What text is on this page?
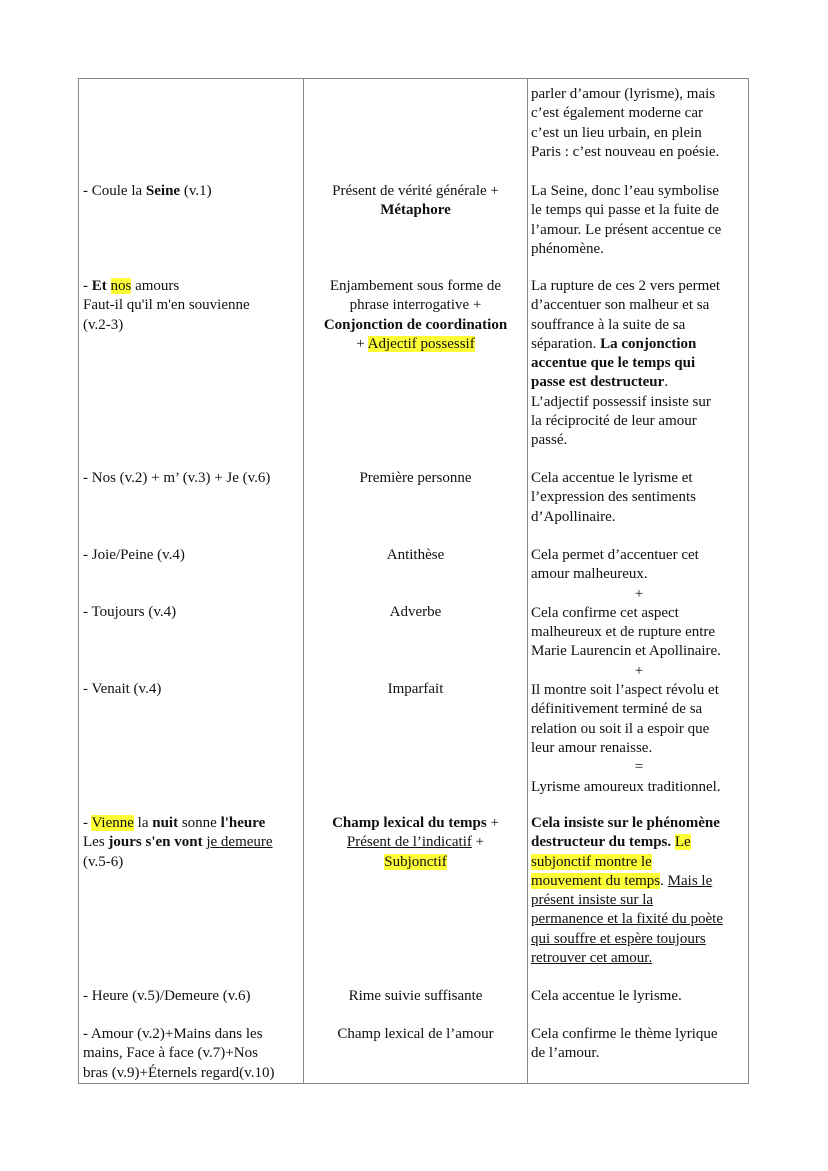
- Coule la Seine (v.1)
- Et nos amours
Faut-il qu'il m'en souvienne
(v.2-3)
- Nos (v.2) + m’ (v.3) + Je (v.6)
- Joie/Peine (v.4)
- Toujours (v.4)
- Venait (v.4)
- Vienne la nuit sonne l'heure
Les jours s'en vont je demeure
(v.5-6)
- Heure (v.5)/Demeure (v.6)
- Amour (v.2)+Mains dans les
mains, Face à face (v.7)+Nos
bras (v.9)+Éternels regard(v.10)
Présent de vérité générale +
Métaphore
Enjambement sous forme de
phrase interrogative +
Conjonction de coordination
+ Adjectif possessif
Première personne
Antithèse
Adverbe
Imparfait
Champ lexical du temps +
Présent de l’indicatif +
Subjonctif
Rime suivie suffisante
Champ lexical de l’amour
parler d’amour (lyrisme), mais
c’est également moderne car
c’est un lieu urbain, en plein
Paris : c’est nouveau en poésie.
La Seine, donc l’eau symbolise
le temps qui passe et la fuite de
l’amour. Le présent accentue ce
phénomène.
La rupture de ces 2 vers permet
d’accentuer son malheur et sa
souffrance à la suite de sa
séparation. La conjonction
accentue que le temps qui
passe est destructeur.
L’adjectif possessif insiste sur
la réciprocité de leur amour
passé.
Cela accentue le lyrisme et
l’expression des sentiments
d’Apollinaire.
Cela permet d’accentuer cet
amour malheureux.
+
Cela confirme cet aspect
malheureux et de rupture entre
Marie Laurencin et Apollinaire.
+
Il montre soit l’aspect révolu et
définitivement terminé de sa
relation ou soit il a espoir que
leur amour renaisse.
=
Lyrisme amoureux traditionnel.
Cela insiste sur le phénomène
destructeur du temps. Le
subjonctif montre le
mouvement du temps. Mais le
présent insiste sur la
permanence et la fixité du poète
qui souffre et espère toujours
retrouver cet amour.
Cela accentue le lyrisme.
Cela confirme le thème lyrique
de l’amour.
